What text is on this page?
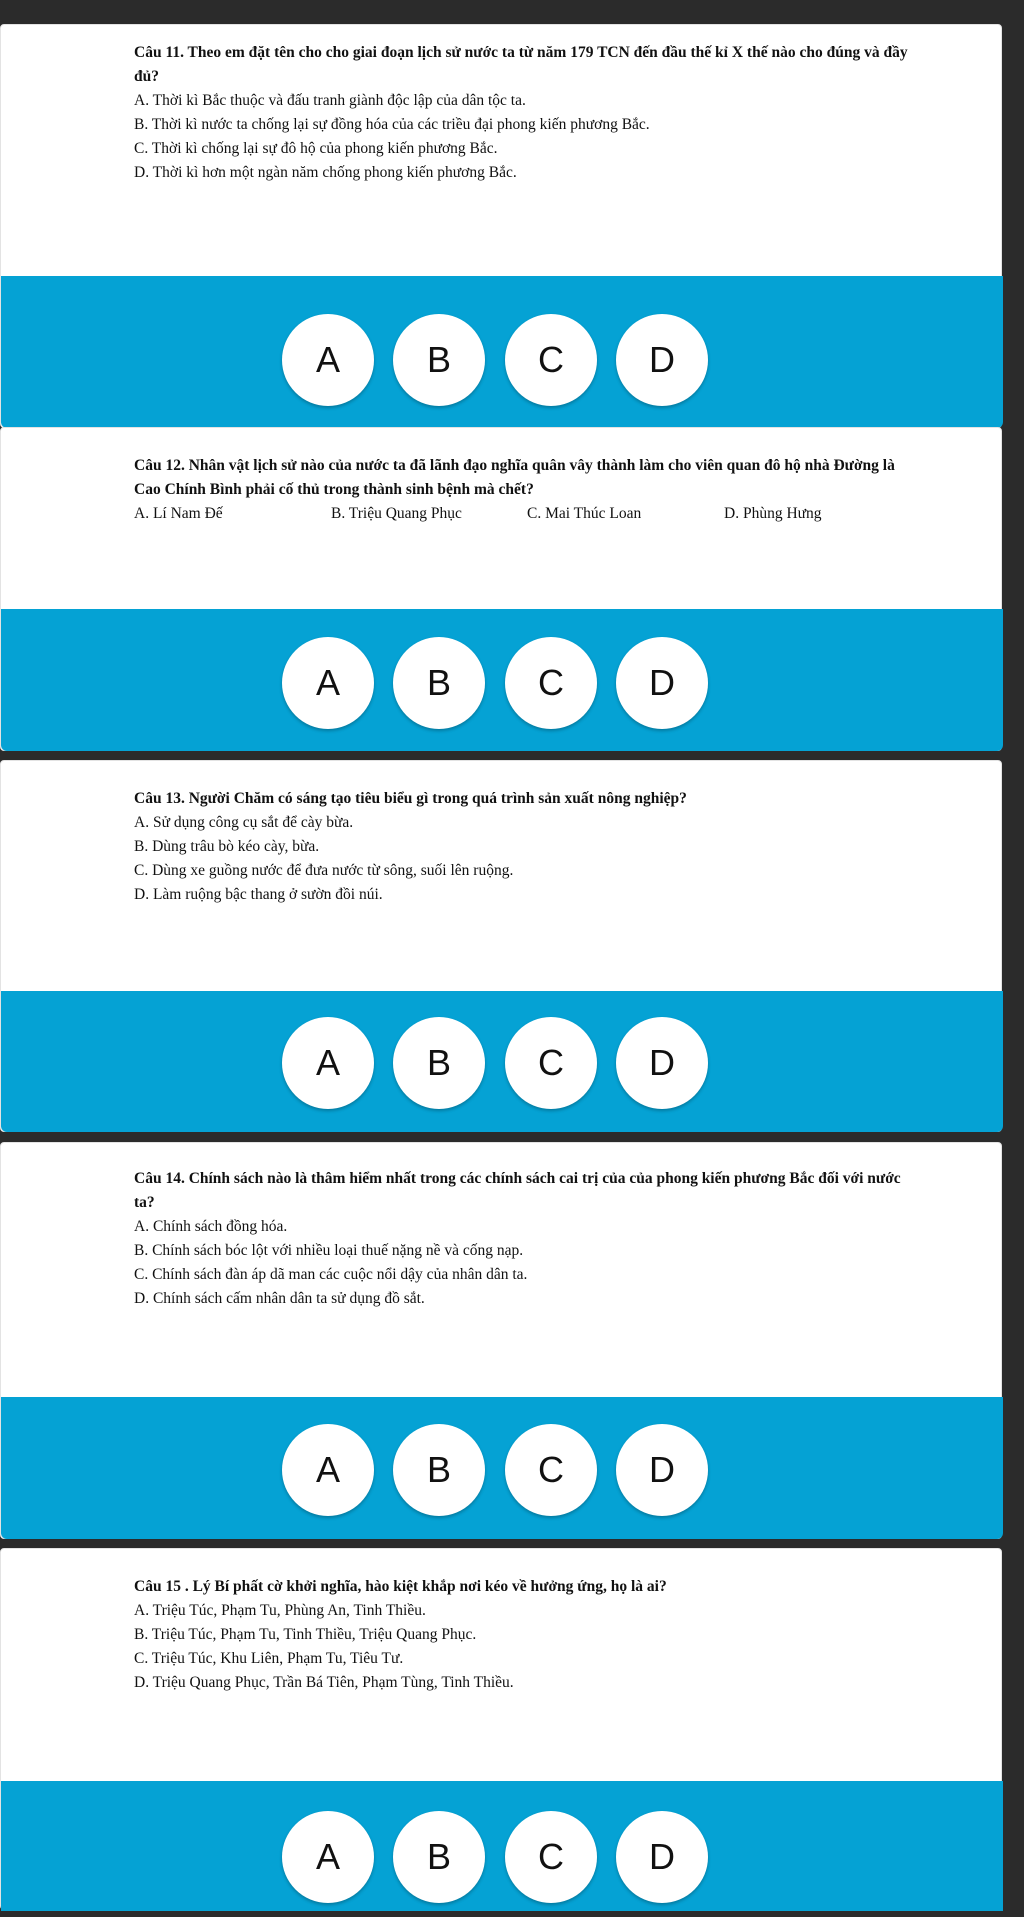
Câu 11. Theo em đặt tên cho cho giai đoạn lịch sử nước ta từ năm 179 TCN đến đầu thế kỉ X thế nào cho đúng và đầy đủ?
A. Thời kì Bắc thuộc và đấu tranh giành độc lập của dân tộc ta.
B. Thời kì nước ta chống lại sự đồng hóa của các triều đại phong kiến phương Bắc.
C. Thời kì chống lại sự đô hộ của phong kiến phương Bắc.
D. Thời kì hơn một ngàn năm chống phong kiến phương Bắc.
A	B	C	D
Câu 12. Nhân vật lịch sử nào của nước ta đã lãnh đạo nghĩa quân vây thành làm cho viên quan đô hộ nhà Đường là Cao Chính Bình phải cố thủ trong thành sinh bệnh mà chết?
A. Lí Nam Đế	B. Triệu Quang Phục	C. Mai Thúc Loan	D. Phùng Hưng
A	B	C	D
Câu 13. Người Chăm có sáng tạo tiêu biểu gì trong quá trình sản xuất nông nghiệp?
A. Sử dụng công cụ sắt để cày bừa.
B. Dùng trâu bò kéo cày, bừa.
C. Dùng xe guồng nước để đưa nước từ sông, suối lên ruộng.
D. Làm ruộng bậc thang ở sườn đồi núi.
A	B	C	D
Câu 14. Chính sách nào là thâm hiểm nhất trong các chính sách cai trị của của phong kiến phương Bắc đối với nước ta?
A. Chính sách đồng hóa.
B. Chính sách bóc lột với nhiều loại thuế nặng nề và cống nạp.
C. Chính sách đàn áp dã man các cuộc nổi dậy của nhân dân ta.
D. Chính sách cấm nhân dân ta sử dụng đồ sắt.
A	B	C	D
Câu 15 . Lý Bí phất cờ khởi nghĩa, hào kiệt khắp nơi kéo về hưởng ứng, họ là ai?
A. Triệu Túc, Phạm Tu, Phùng An, Tinh Thiều.
B. Triệu Túc, Phạm Tu, Tinh Thiều, Triệu Quang Phục.
C. Triệu Túc, Khu Liên, Phạm Tu, Tiêu Tư.
D. Triệu Quang Phục, Trần Bá Tiên, Phạm Tùng, Tinh Thiều.
A	B	C	D
